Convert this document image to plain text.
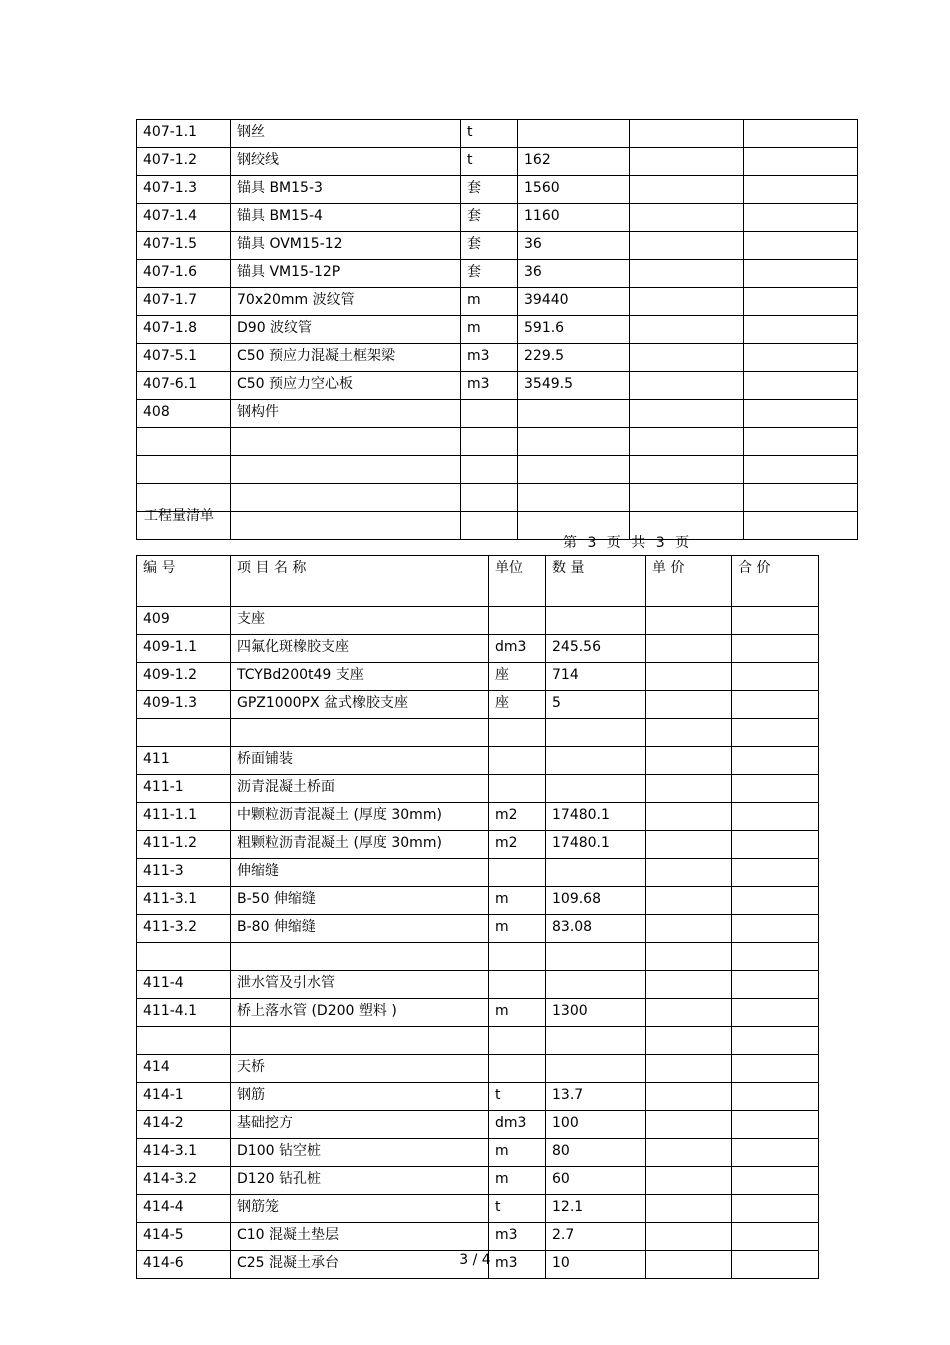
407-1.1	钢丝	t			
407-1.2	钢绞线	t	162		
407-1.3	锚具 BM15-3	套	1560		
407-1.4	锚具 BM15-4	套	1160		
407-1.5	锚具 OVM15-12	套	36		
407-1.6	锚具 VM15-12P	套	36		
407-1.7	70x20mm 波纹管	m	39440		
407-1.8	D90 波纹管	m	591.6		
407-5.1	C50 预应力混凝土框架梁	m3	229.5		
407-6.1	C50 预应力空心板	m3	3549.5		
408	钢构件				

工程量清单
第 3 页 共 3 页
编 号	项 目 名 称	单位	数 量	单 价	合 价
409	支座				
409-1.1	四氟化斑橡胶支座	dm3	245.56		
409-1.2	TCYBd200t49 支座	座	714		
409-1.3	GPZ1000PX 盆式橡胶支座	座	5		

411	桥面铺装				
411-1	沥青混凝土桥面				
411-1.1	中颗粒沥青混凝土 (厚度 30mm)	m2	17480.1		
411-1.2	粗颗粒沥青混凝土 (厚度 30mm)	m2	17480.1		
411-3	伸缩缝				
411-3.1	B-50 伸缩缝	m	109.68		
411-3.2	B-80 伸缩缝	m	83.08		

411-4	泄水管及引水管				
411-4.1	桥上落水管 (D200 塑料 )	m	1300		

414	天桥				
414-1	钢筋	t	13.7		
414-2	基础挖方	dm3	100		
414-3.1	D100 钻空桩	m	80		
414-3.2	D120 钻孔桩	m	60		
414-4	钢筋笼	t	12.1		
414-5	C10 混凝土垫层	m3	2.7		
414-6	C25 混凝土承台	m3	10		
3 / 4
